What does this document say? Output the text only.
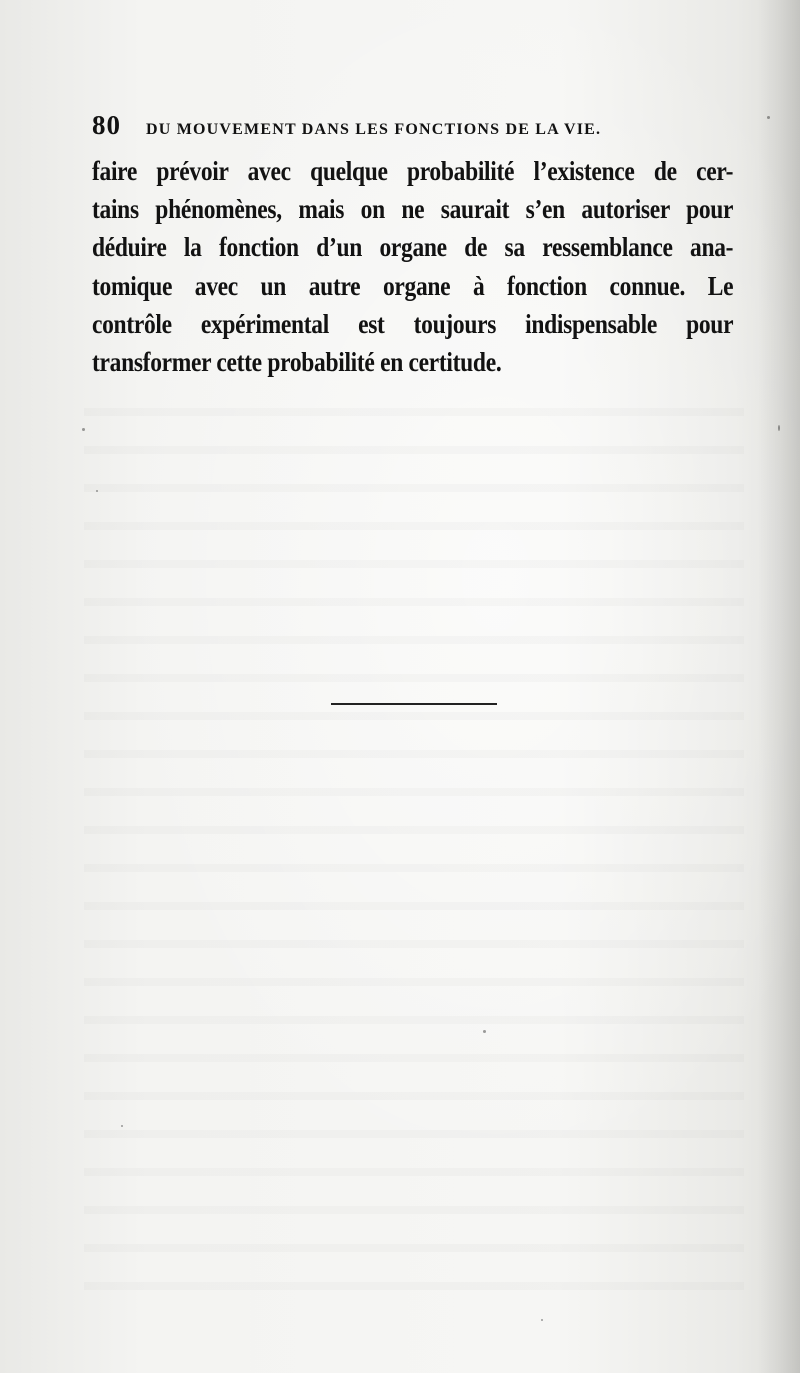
80 DU MOUVEMENT DANS LES FONCTIONS DE LA VIE.
faire prévoir avec quelque probabilité l’existence de cer-
tains phénomènes, mais on ne saurait s’en autoriser pour
déduire la fonction d’un organe de sa ressemblance ana-
tomique avec un autre organe à fonction connue. Le
contrôle expérimental est toujours indispensable pour
transformer cette probabilité en certitude.
